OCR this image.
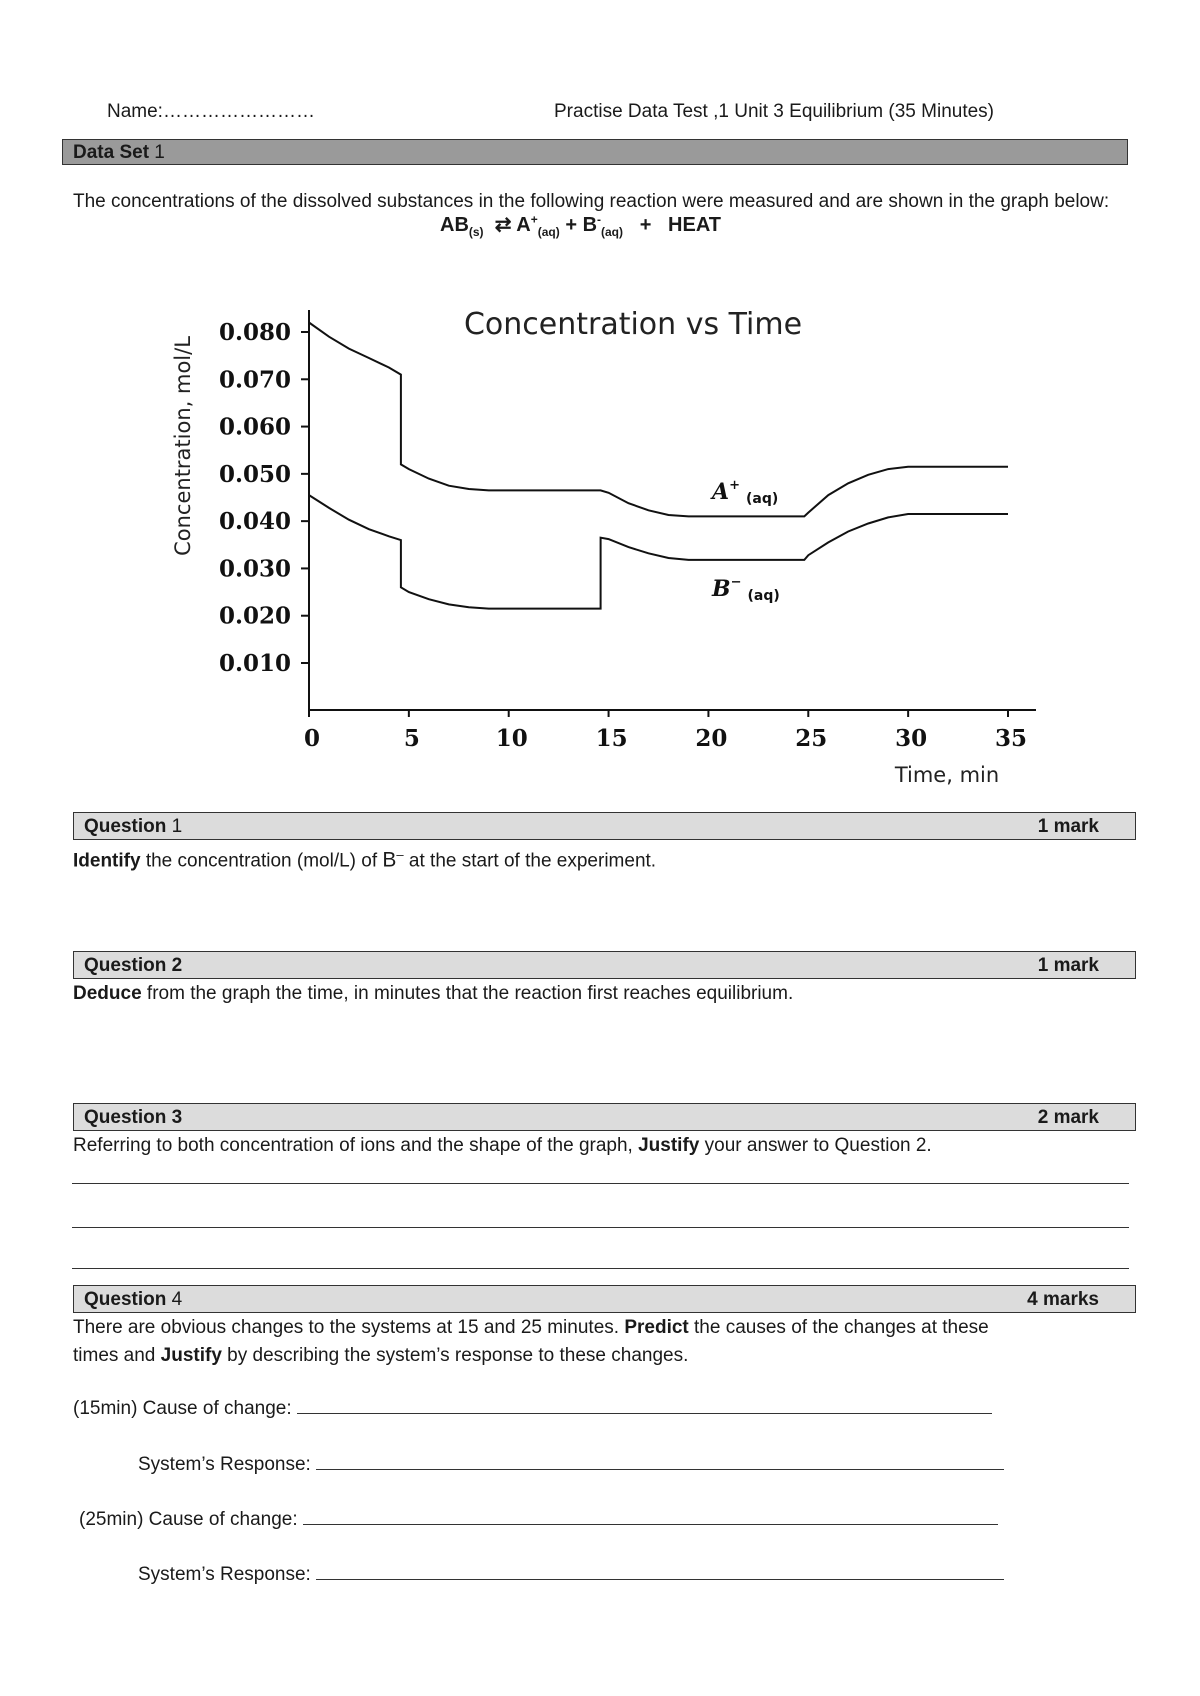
Name:……………………	Practise Data Test ,1 Unit 3 Equilibrium (35 Minutes)
Data Set 1
The concentrations of the dissolved substances in the following reaction were measured and are shown in the graph below:
$AB_{(s)}$ ⇄ $A^+_{(aq)} + B^-_{(aq)}$ + HEAT
Concentration vs Time
Concentration, mol/L
Time, min
0.010
0.020
0.030
0.040
0.050
0.060
0.070
0.080
0	5	10	15	20	25	30	35
$A^+_{(aq)}$
$B^-_{(aq)}$
Question 1	1 mark
Identify the concentration (mol/L) of B– at the start of the experiment.
Question 2	1 mark
Deduce from the graph the time, in minutes that the reaction first reaches equilibrium.
Question 3	2 mark
Referring to both concentration of ions and the shape of the graph, Justify your answer to Question 2.
Question 4	4 marks
There are obvious changes to the systems at 15 and 25 minutes. Predict the causes of the changes at these
times and Justify by describing the system’s response to these changes.
(15min) Cause of change:
System’s Response:
(25min) Cause of change:
System’s Response:
